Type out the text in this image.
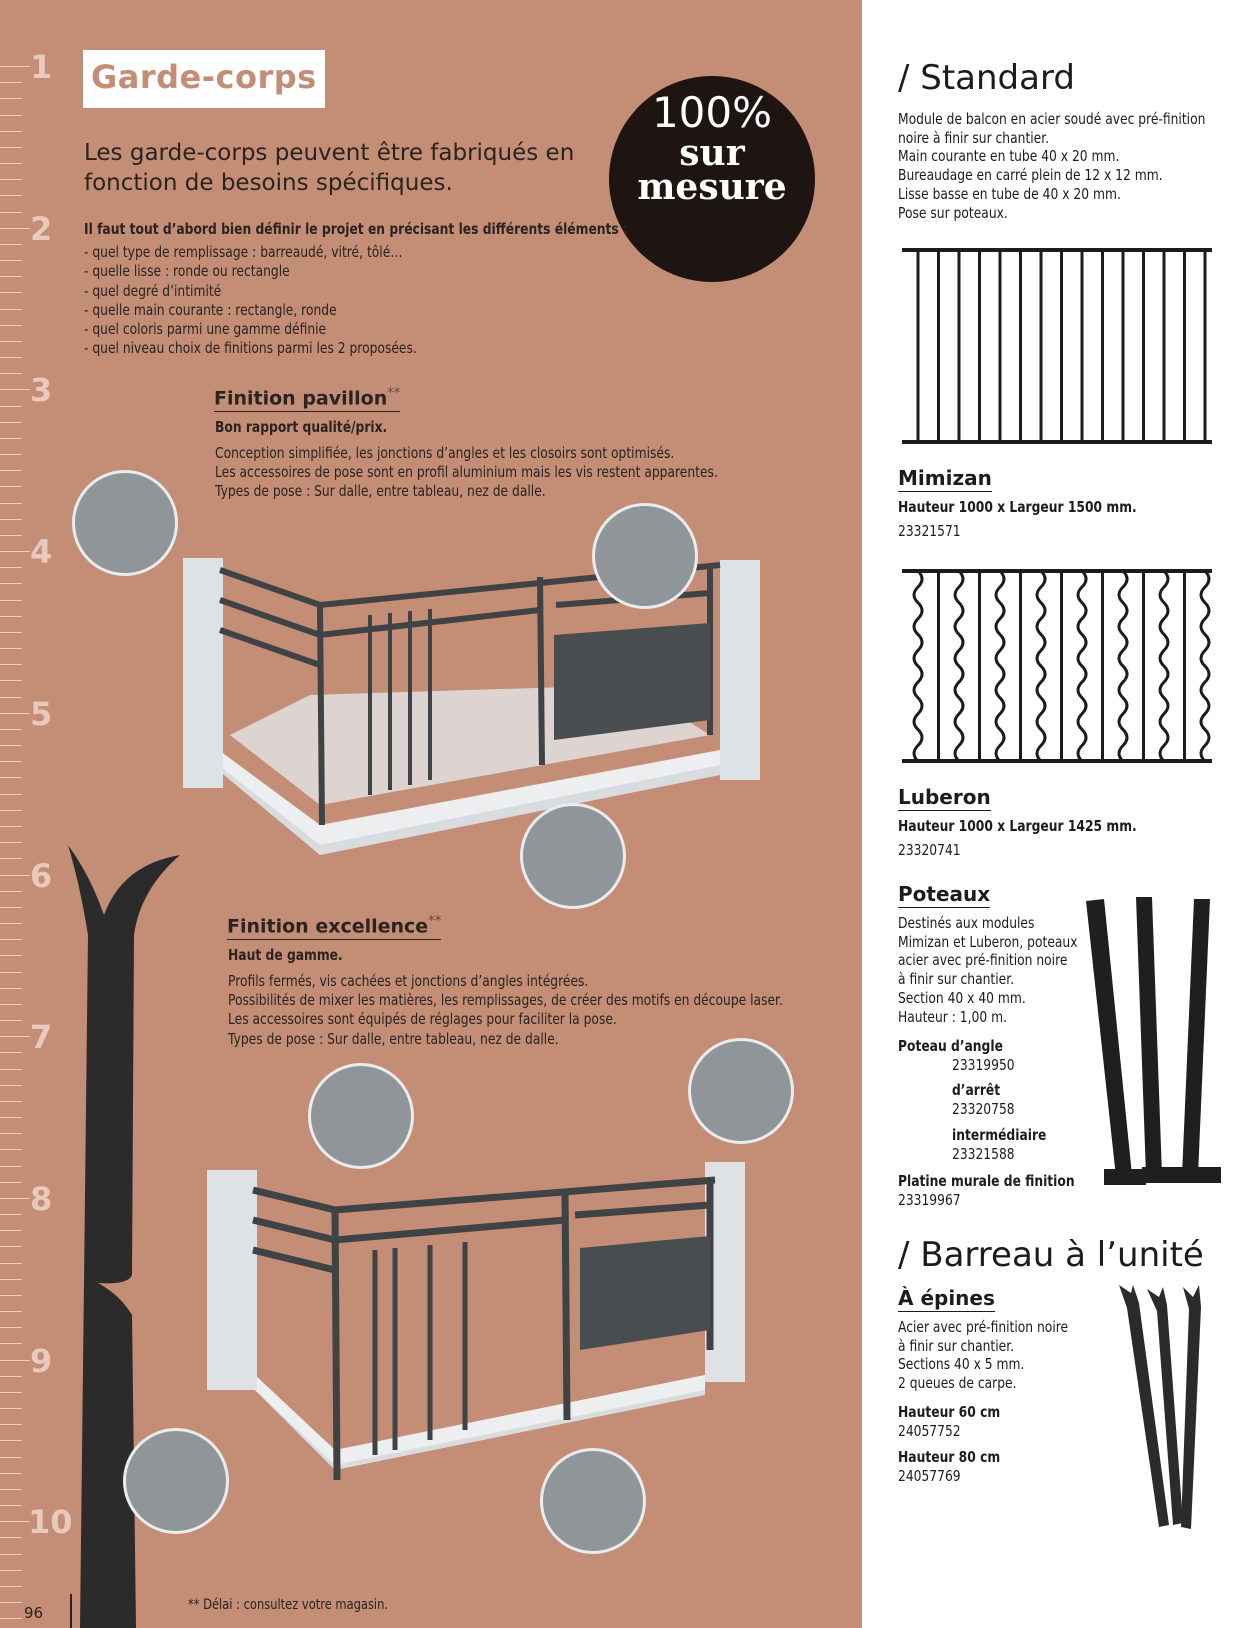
1
2
3
4
5
6
7
8
9
10
Garde-corps
Les garde-corps peuvent être fabriqués en fonction de besoins spécifiques.
100%
sur
mesure
Il faut tout d’abord bien définir le projet en précisant les différents éléments :
- quel type de remplissage : barreaudé, vitré, tôlé…
- quelle lisse : ronde ou rectangle
- quel degré d’intimité
- quelle main courante : rectangle, ronde
- quel coloris parmi une gamme définie
- quel niveau choix de finitions parmi les 2 proposées.
Finition pavillon**
Bon rapport qualité/prix.
Conception simplifiée, les jonctions d’angles et les closoirs sont optimisés.
Les accessoires de pose sont en profil aluminium mais les vis restent apparentes.
Types de pose : Sur dalle, entre tableau, nez de dalle.
Finition excellence**
Haut de gamme.
Profils fermés, vis cachées et jonctions d’angles intégrées.
Possibilités de mixer les matières, les remplissages, de créer des motifs en découpe laser.
Les accessoires sont équipés de réglages pour faciliter la pose.
Types de pose : Sur dalle, entre tableau, nez de dalle.
** Délai : consultez votre magasin.
96
/ Standard
Module de balcon en acier soudé avec pré-finition
noire à finir sur chantier.
Main courante en tube 40 x 20 mm.
Bureaudage en carré plein de 12 x 12 mm.
Lisse basse en tube de 40 x 20 mm.
Pose sur poteaux.
Mimizan
Hauteur 1000 x Largeur 1500 mm.
23321571
Luberon
Hauteur 1000 x Largeur 1425 mm.
23320741
Poteaux
Destinés aux modules
Mimizan et Luberon, poteaux
acier avec pré-finition noire
à finir sur chantier.
Section 40 x 40 mm.
Hauteur : 1,00 m.
Poteau d’angle
23319950
d’arrêt
23320758
intermédiaire
23321588
Platine murale de finition
23319967
/ Barreau à l’unité
À épines
Acier avec pré-finition noire
à finir sur chantier.
Sections 40 x 5 mm.
2 queues de carpe.
Hauteur 60 cm
24057752
Hauteur 80 cm
24057769
